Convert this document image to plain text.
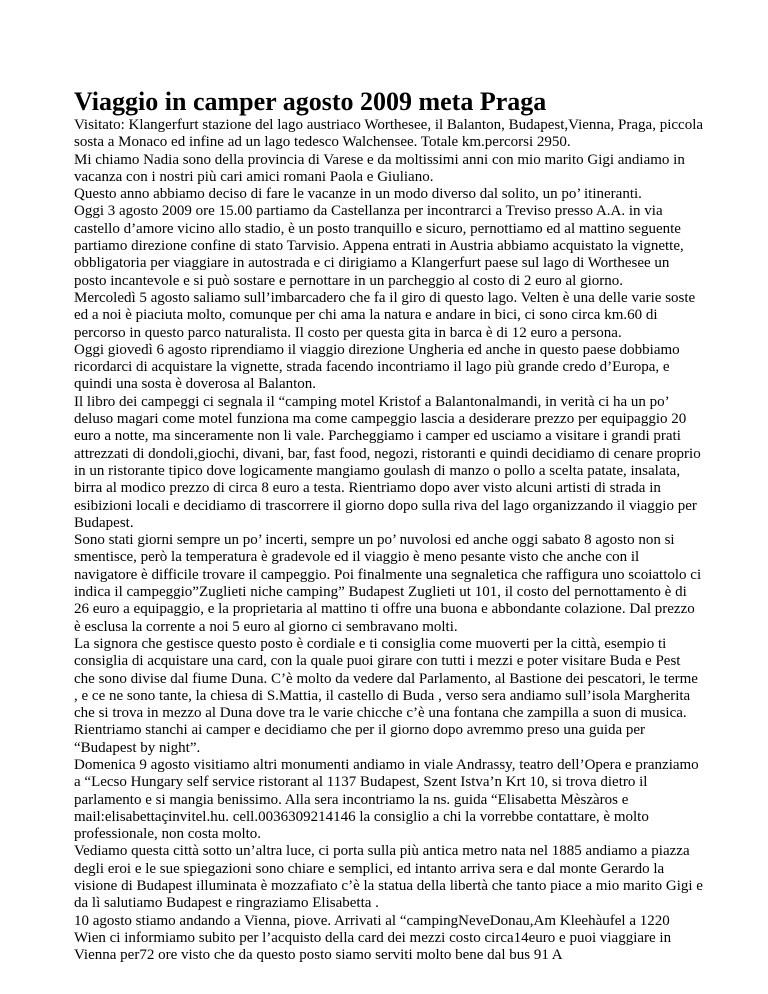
Viaggio in camper agosto 2009 meta Praga

Visitato: Klangerfurt stazione del lago austriaco Worthesee, il Balanton, Budapest,Vienna, Praga, piccola sosta a Monaco ed infine ad un lago tedesco Walchensee. Totale km.percorsi 2950.

Mi chiamo Nadia sono della provincia di Varese e da moltissimi anni con mio marito Gigi andiamo in vacanza con i nostri più cari amici romani Paola e Giuliano.

Questo anno abbiamo deciso di fare le vacanze in un modo diverso dal solito, un po’ itineranti.

Oggi 3 agosto 2009 ore 15.00 partiamo da Castellanza per incontrarci a Treviso presso A.A. in via castello d’amore vicino allo stadio, è un posto tranquillo e sicuro, pernottiamo ed al mattino seguente partiamo direzione confine di stato Tarvisio. Appena entrati in Austria abbiamo acquistato la vignette, obbligatoria per viaggiare in autostrada e ci dirigiamo a Klangerfurt paese sul lago di Worthesee un posto incantevole e si può sostare e pernottare in un parcheggio al costo di 2 euro al giorno.

Mercoledì 5 agosto saliamo sull’imbarcadero che fa il giro di questo lago. Velten è una delle varie soste ed a noi è piaciuta molto, comunque per chi ama la natura e andare in bici, ci sono circa km.60 di percorso in questo parco naturalista. Il costo per questa gita in barca è di 12 euro a persona.

Oggi giovedì 6 agosto riprendiamo il viaggio direzione Ungheria ed anche in questo paese dobbiamo ricordarci di acquistare la vignette, strada facendo incontriamo il lago più grande credo d’Europa, e quindi una sosta è doverosa al Balanton.

Il libro dei campeggi ci segnala il “camping motel Kristof a Balantonalmandi, in verità ci ha un po’ deluso magari come motel funziona ma come campeggio lascia a desiderare prezzo per equipaggio 20 euro a notte, ma sinceramente non li vale. Parcheggiamo i camper ed usciamo a visitare i grandi prati attrezzati di dondoli,giochi, divani, bar, fast food, negozi, ristoranti e quindi decidiamo di cenare proprio in un ristorante tipico dove logicamente mangiamo goulash di manzo o pollo a scelta patate, insalata, birra al modico prezzo di circa 8 euro a testa. Rientriamo dopo aver visto alcuni artisti di strada in esibizioni locali e decidiamo di trascorrere il giorno dopo sulla riva del lago organizzando il viaggio per Budapest.

Sono stati giorni sempre un po’ incerti, sempre un po’ nuvolosi ed anche oggi sabato 8 agosto non si smentisce, però la temperatura è gradevole ed il viaggio è meno pesante visto che anche con il navigatore è difficile trovare il campeggio. Poi finalmente una segnaletica che raffigura uno scoiattolo ci indica il campeggio”Zuglieti niche camping” Budapest Zuglieti ut 101, il costo del pernottamento è di 26 euro a equipaggio, e la proprietaria al mattino ti offre una buona e abbondante colazione. Dal prezzo è esclusa la corrente a noi 5 euro al giorno ci sembravano molti.

La signora che gestisce questo posto è cordiale e ti consiglia come muoverti per la città, esempio ti consiglia di acquistare una card, con la quale puoi girare con tutti i mezzi e poter visitare Buda e Pest che sono divise dal fiume Duna. C’è molto da vedere dal Parlamento, al Bastione dei pescatori, le terme , e ce ne sono tante, la chiesa di S.Mattia, il castello di Buda , verso sera andiamo sull’isola Margherita che si trova in mezzo al Duna dove tra le varie chicche c’è una fontana che zampilla a suon di musica. Rientriamo stanchi ai camper e decidiamo che per il giorno dopo avremmo preso una guida per “Budapest by night”.

Domenica 9 agosto visitiamo altri monumenti andiamo in viale Andrassy, teatro dell’Opera e pranziamo a “Lecso Hungary self service ristorant al 1137 Budapest, Szent Istva’n Krt 10, si trova dietro il parlamento e si mangia benissimo. Alla sera incontriamo la ns. guida “Elisabetta Mèszàros e mail:elisabettaçinvitel.hu. cell.0036309214146 la consiglio a chi la vorrebbe contattare, è molto professionale, non costa molto.

Vediamo questa città sotto un’altra luce, ci porta sulla più antica metro nata nel 1885 andiamo a piazza degli eroi e le sue spiegazioni sono chiare e semplici, ed intanto arriva sera e dal monte Gerardo la visione di Budapest illuminata è mozzafiato c’è la statua della libertà che tanto piace a mio marito Gigi e da lì salutiamo Budapest e ringraziamo Elisabetta .

10 agosto stiamo andando a Vienna, piove. Arrivati al “campingNeveDonau,Am Kleehàufel a 1220 Wien ci informiamo subito per l’acquisto della card dei mezzi costo circa14euro e puoi viaggiare in Vienna per72 ore visto che da questo posto siamo serviti molto bene dal bus 91 A
